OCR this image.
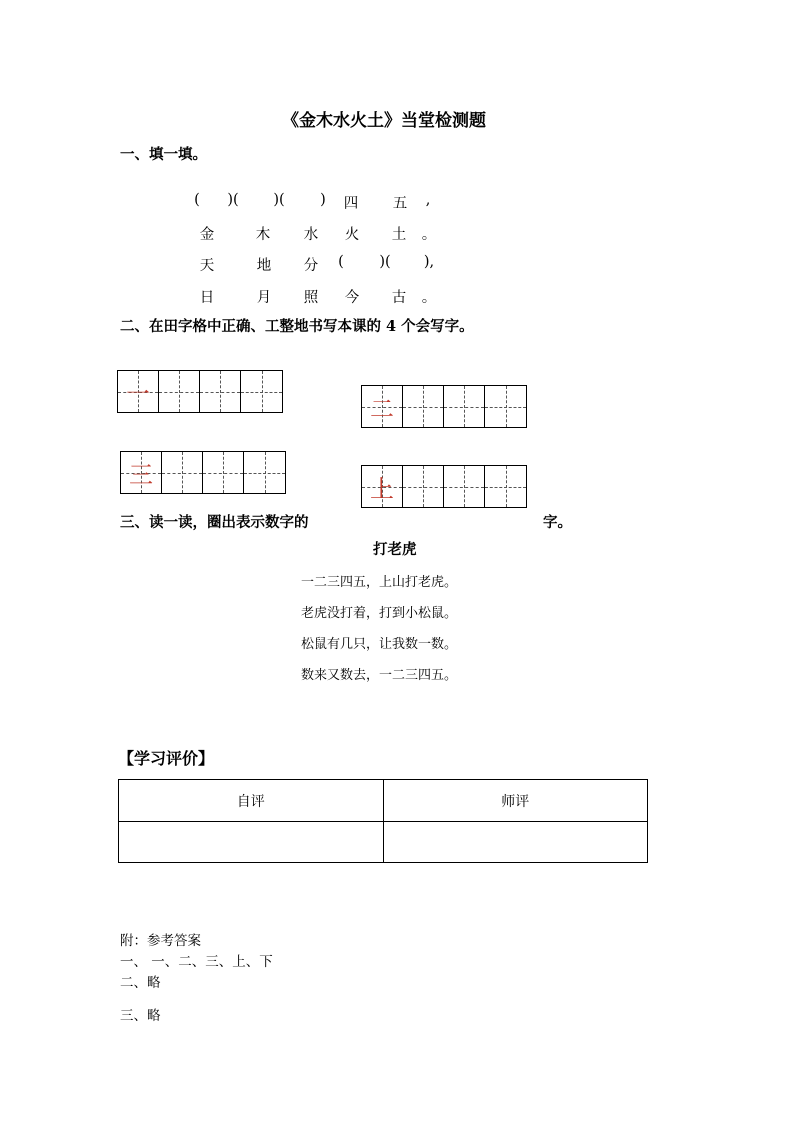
《金木水火土》当堂检测题
一、填一填。
(	)(	)(	)	四	五	,
金	木	水	火	土	。
天	地	分	(	)(	),
日	月	照	今	古	。
二、在田字格中正确、工整地书写本课的 4 个会写字。
一
二
三	上
三、读一读，圈出表示数字的	字。
打老虎
一二三四五，上山打老虎。
老虎没打着，打到小松鼠。
松鼠有几只，让我数一数。
数来又数去，一二三四五。
【学习评价】
自评	师评

附：参考答案
一、 一、二、三、上、下
二、略
三、略
